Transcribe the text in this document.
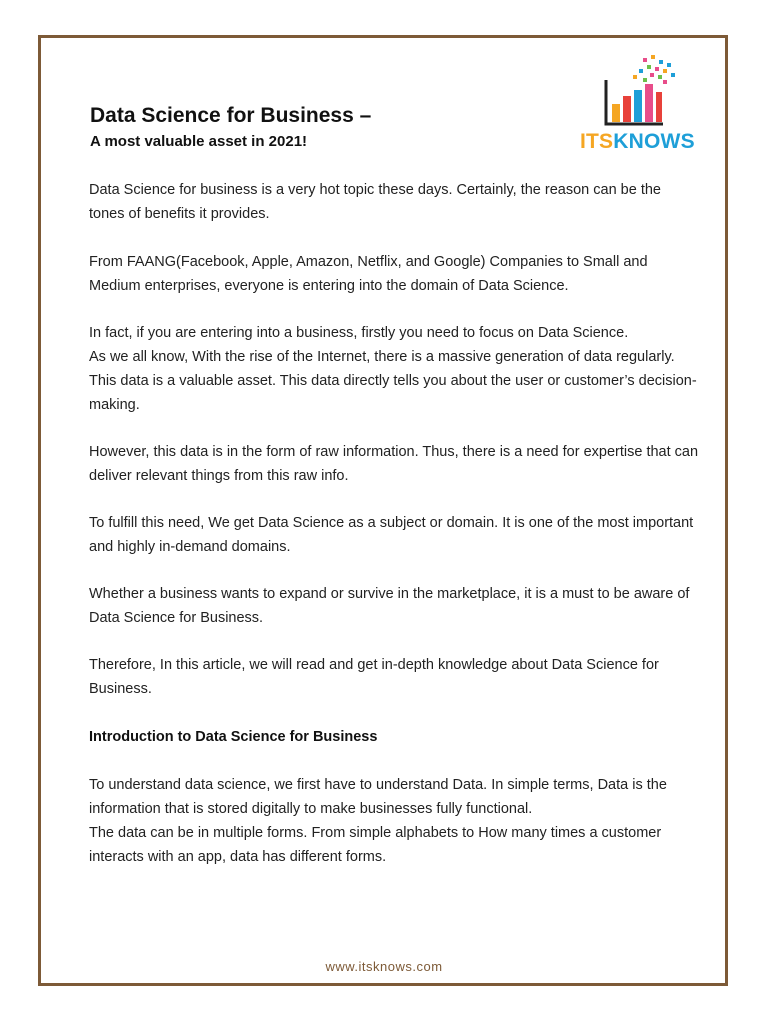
Data Science for Business –
A most valuable asset in 2021!	ITSKNOWS

Data Science for business is a very hot topic these days. Certainly, the reason can be the tones of benefits it provides.

From FAANG(Facebook, Apple, Amazon, Netflix, and Google) Companies to Small and Medium enterprises, everyone is entering into the domain of Data Science.

In fact, if you are entering into a business, firstly you need to focus on Data Science.

As we all know, With the rise of the Internet, there is a massive generation of data regularly. This data is a valuable asset. This data directly tells you about the user or customer’s decision-making.

However, this data is in the form of raw information. Thus, there is a need for expertise that can deliver relevant things from this raw info.

To fulfill this need, We get Data Science as a subject or domain. It is one of the most important and highly in-demand domains.

Whether a business wants to expand or survive in the marketplace, it is a must to be aware of Data Science for Business.

Therefore, In this article, we will read and get in-depth knowledge about Data Science for Business.

Introduction to Data Science for Business

To understand data science, we first have to understand Data. In simple terms, Data is the information that is stored digitally to make businesses fully functional.

The data can be in multiple forms. From simple alphabets to How many times a customer interacts with an app, data has different forms.

www.itsknows.com
